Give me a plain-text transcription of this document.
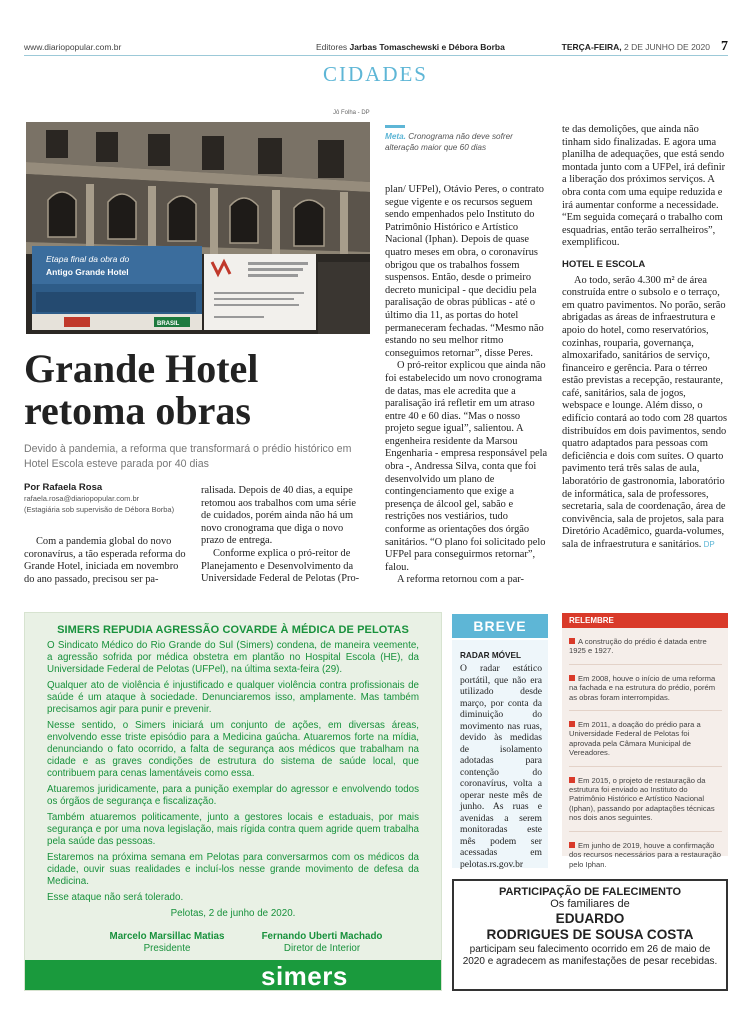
www.diariopopular.com.br	Editores Jarbas Tomaschewski e Débora Borba	TERÇA-FEIRA, 2 DE JUNHO DE 2020 7
CIDADES
Jô Folha - DP
Etapa final da obra do
Antigo Grande Hotel
BRASIL
Grande Hotel
retoma obras
Devido à pandemia, a reforma que transformará o prédio histórico em Hotel Escola esteve parada por 40 dias
Por Rafaela Rosa
rafaela.rosa@diariopopular.com.br
(Estagiária sob supervisão de Débora Borba)

Com a pandemia global do novo coronavírus, a tão esperada reforma do Grande Hotel, iniciada em novembro do ano passado, precisou ser pa-

ralisada. Depois de 40 dias, a equipe retomou aos trabalhos com uma série de cuidados, porém ainda não há um novo cronograma que diga o novo prazo de entrega.

Conforme explica o pró-reitor de Planejamento e Desenvolvimento da Universidade Federal de Pelotas (Pro-

Meta. Cronograma não deve sofrer alteração maior que 60 dias

plan/ UFPel), Otávio Peres, o contrato segue vigente e os recursos seguem sendo empenhados pelo Instituto do Patrimônio Histórico e Artístico Nacional (Iphan). Depois de quase quatro meses em obra, o coronavírus obrigou que os trabalhos fossem suspensos. Então, desde o primeiro decreto municipal - que decidiu pela paralisação de obras públicas - até o último dia 11, as portas do hotel permaneceram fechadas. “Mesmo não estando no seu melhor ritmo conseguimos retornar”, disse Peres.

O pró-reitor explicou que ainda não foi estabelecido um novo cronograma de datas, mas ele acredita que a paralisação irá refletir em um atraso entre 40 e 60 dias. “Mas o nosso projeto segue igual”, salientou. A engenheira residente da Marsou Engenharia - empresa responsável pela obra -, Andressa Silva, conta que foi desenvolvido um plano de contingenciamento que exige a presença de álcool gel, sabão e restrições nos vestiários, tudo conforme as orientações dos órgão sanitários. “O plano foi solicitado pelo UFPel para conseguirmos retornar”, falou.

A reforma retornou com a par-

te das demolições, que ainda não tinham sido finalizadas. E agora uma planilha de adequações, que está sendo montada junto com a UFPel, irá definir a liberação dos próximos serviços. A obra conta com uma equipe reduzida e irá aumentar conforme a necessidade. “Em seguida começará o trabalho com esquadrias, então terão serralheiros”, exemplificou.

HOTEL E ESCOLA

Ao todo, serão 4.300 m² de área construída entre o subsolo e o terraço, em quatro pavimentos. No porão, serão abrigadas as áreas de infraestrutura e apoio do hotel, como reservatórios, cozinhas, rouparia, governança, almoxarifado, sanitários de serviço, financeiro e gerência. Para o térreo estão previstas a recepção, restaurante, café, sanitários, sala de jogos, webspace e lounge. Além disso, o edifício contará ao todo com 28 quartos distribuídos em dois pavimentos, sendo quatro adaptados para pessoas com deficiência e dois com suítes. O quarto pavimento terá três salas de aula, laboratório de gastronomia, laboratório de informática, sala de professores, secretaria, sala de coordenação, área de convivência, sala de projetos, sala para Diretório Acadêmico, guarda-volumes, sala de infraestrutura e sanitários. DP

SIMERS REPUDIA AGRESSÃO COVARDE À MÉDICA DE PELOTAS

O Sindicato Médico do Rio Grande do Sul (Simers) condena, de maneira veemente, a agressão sofrida por médica obstetra em plantão no Hospital Escola (HE), da Universidade Federal de Pelotas (UFPel), na última sexta-feira (29).

Qualquer ato de violência é injustificado e qualquer violência contra profissionais de saúde é um ataque à sociedade. Denunciaremos isso, amplamente. Mas também precisamos agir para punir e prevenir.

Nesse sentido, o Simers iniciará um conjunto de ações, em diversas áreas, envolvendo esse triste episódio para a Medicina gaúcha. Atuaremos forte na mídia, denunciando o fato ocorrido, a falta de segurança aos médicos que trabalham na cidade e as graves condições de estrutura do sistema de saúde local, que contribuem para cenas lamentáveis como essa.

Atuaremos juridicamente, para a punição exemplar do agressor e envolvendo todos os órgãos de segurança e fiscalização.

Também atuaremos politicamente, junto a gestores locais e estaduais, por mais segurança e por uma nova legislação, mais rígida contra quem agride quem trabalha pela saúde das pessoas.

Estaremos na próxima semana em Pelotas para conversarmos com os médicos da cidade, ouvir suas realidades e incluí-los nesse grande movimento de defesa da Medicina.

Esse ataque não será tolerado.

Pelotas, 2 de junho de 2020.
Marcelo Marsillac Matias
Presidente
Fernando Uberti Machado
Diretor de Interior
simers
BREVE
RADAR MÓVEL

O radar estático portátil, que não era utilizado desde março, por conta da diminuição do movimento nas ruas, devido às medidas de isolamento adotadas para contenção do coronavírus, volta a operar neste mês de junho. As ruas e avenidas a serem monitoradas este mês podem ser acessadas em pelotas.rs.gov.br

RELEMBRE
A construção do prédio é datada entre 1925 e 1927.
Em 2008, houve o início de uma reforma na fachada e na estrutura do prédio, porém as obras foram interrompidas.
Em 2011, a doação do prédio para a Universidade Federal de Pelotas foi aprovada pela Câmara Municipal de Vereadores.
Em 2015, o projeto de restauração da estrutura foi enviado ao Instituto do Patrimônio Histórico e Artístico Nacional (Iphan), passando por adaptações técnicas nos dois anos seguintes.
Em junho de 2019, houve a confirmação dos recursos necessários para a restauração pelo Iphan.
PARTICIPAÇÃO DE FALECIMENTO
Os familiares de
EDUARDO
RODRIGUES DE SOUSA COSTA
participam seu falecimento ocorrido em 26 de maio de 2020 e agradecem as manifestações de pesar recebidas.
